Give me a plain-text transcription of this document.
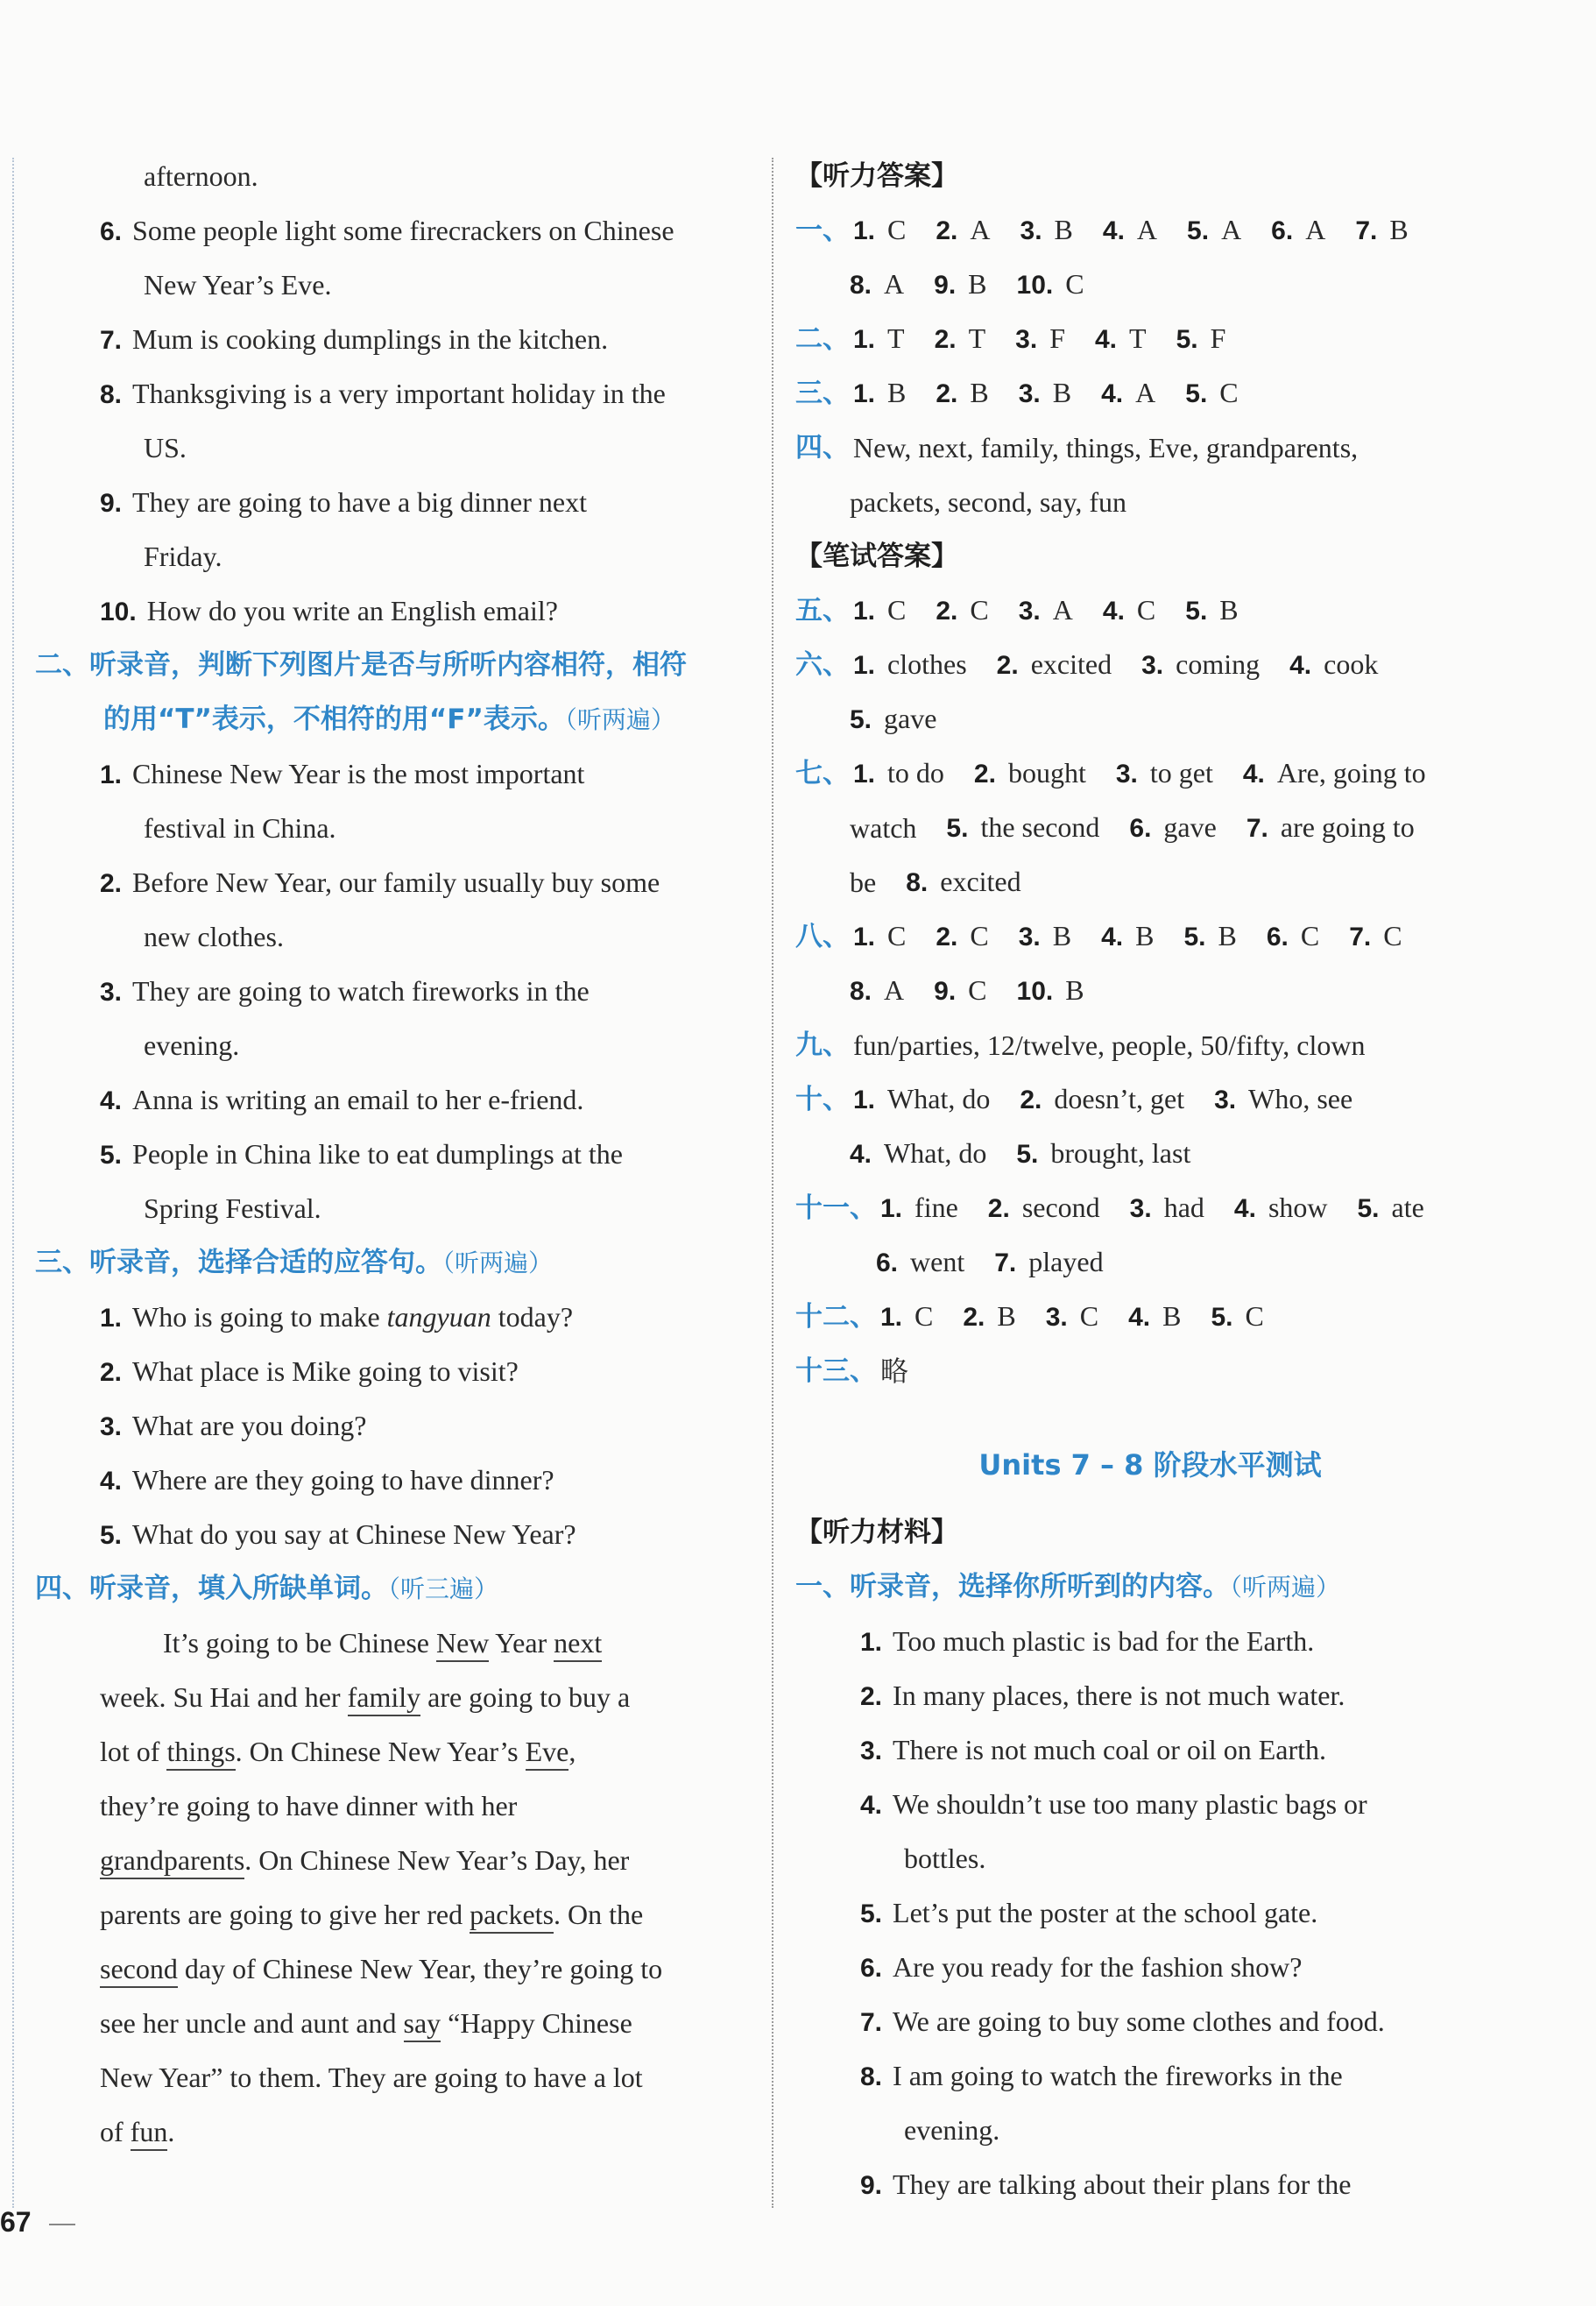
afternoon.
6. Some people light some firecrackers on Chinese
New Year’s Eve.
7. Mum is cooking dumplings in the kitchen.
8. Thanksgiving is a very important holiday in the
US.
9. They are going to have a big dinner next
Friday.
10. How do you write an English email?
二、听录音，判断下列图片是否与所听内容相符，相符
的用“T”表示，不相符的用“F”表示。（听两遍）
1. Chinese New Year is the most important
festival in China.
2. Before New Year, our family usually buy some
new clothes.
3. They are going to watch fireworks in the
evening.
4. Anna is writing an email to her e-friend.
5. People in China like to eat dumplings at the
Spring Festival.
三、听录音，选择合适的应答句。（听两遍）
1. Who is going to make tangyuan today?
2. What place is Mike going to visit?
3. What are you doing?
4. Where are they going to have dinner?
5. What do you say at Chinese New Year?
四、听录音，填入所缺单词。（听三遍）
It’s going to be Chinese New Year next
week. Su Hai and her family are going to buy a
lot of things. On Chinese New Year’s Eve,
they’re going to have dinner with her
grandparents. On Chinese New Year’s Day, her
parents are going to give her red packets. On the
second day of Chinese New Year, they’re going to
see her uncle and aunt and say “Happy Chinese
New Year” to them. They are going to have a lot
of fun.
【听力答案】
一、 1. C 2. A 3. B 4. A 5. A 6. A 7. B
8. A 9. B 10. C
二、 1. T 2. T 3. F 4. T 5. F
三、 1. B 2. B 3. B 4. A 5. C
四、 New, next, family, things, Eve, grandparents,
packets, second, say, fun
【笔试答案】
五、 1. C 2. C 3. A 4. C 5. B
六、 1. clothes 2. excited 3. coming 4. cook
5. gave
七、 1. to do 2. bought 3. to get 4. Are, going to
watch 5. the second 6. gave 7. are going to
be 8. excited
八、 1. C 2. C 3. B 4. B 5. B 6. C 7. C
8. A 9. C 10. B
九、 fun/parties, 12/twelve, people, 50/fifty, clown
十、 1. What, do 2. doesn’t, get 3. Who, see
4. What, do 5. brought, last
十一、 1. fine 2. second 3. had 4. show 5. ate
6. went 7. played
十二、 1. C 2. B 3. C 4. B 5. C
十三、 略
Units 7 – 8 阶段水平测试
【听力材料】
一、听录音，选择你所听到的内容。（听两遍）
1. Too much plastic is bad for the Earth.
2. In many places, there is not much water.
3. There is not much coal or oil on Earth.
4. We shouldn’t use too many plastic bags or
bottles.
5. Let’s put the poster at the school gate.
6. Are you ready for the fashion show?
7. We are going to buy some clothes and food.
8. I am going to watch the fireworks in the
evening.
9. They are talking about their plans for the
67
